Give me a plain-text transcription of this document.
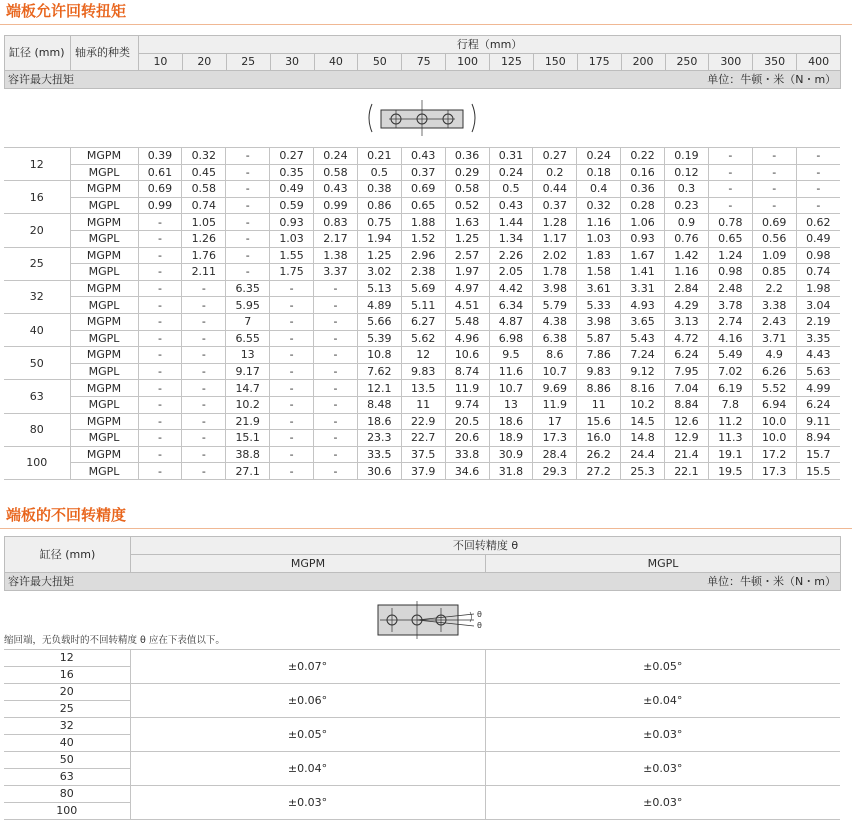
端板允许回转扭矩
缸径 (mm)	轴承的种类	行程（mm）															
		10	20	25	30	40	50	75	100	125	150	175	200	250	300	350	400
容许最大扭矩									单位：牛顿・米（N・m）								
12	MGPM	0.39	0.32	-	0.27	0.24	0.21	0.43	0.36	0.31	0.27	0.24	0.22	0.19	-	-	-
	MGPL	0.61	0.45	-	0.35	0.58	0.5	0.37	0.29	0.24	0.2	0.18	0.16	0.12	-	-	-
16	MGPM	0.69	0.58	-	0.49	0.43	0.38	0.69	0.58	0.5	0.44	0.4	0.36	0.3	-	-	-
	MGPL	0.99	0.74	-	0.59	0.99	0.86	0.65	0.52	0.43	0.37	0.32	0.28	0.23	-	-	-
20	MGPM	-	1.05	-	0.93	0.83	0.75	1.88	1.63	1.44	1.28	1.16	1.06	0.9	0.78	0.69	0.62
	MGPL	-	1.26	-	1.03	2.17	1.94	1.52	1.25	1.34	1.17	1.03	0.93	0.76	0.65	0.56	0.49
25	MGPM	-	1.76	-	1.55	1.38	1.25	2.96	2.57	2.26	2.02	1.83	1.67	1.42	1.24	1.09	0.98
	MGPL	-	2.11	-	1.75	3.37	3.02	2.38	1.97	2.05	1.78	1.58	1.41	1.16	0.98	0.85	0.74
32	MGPM	-	-	6.35	-	-	5.13	5.69	4.97	4.42	3.98	3.61	3.31	2.84	2.48	2.2	1.98
	MGPL	-	-	5.95	-	-	4.89	5.11	4.51	6.34	5.79	5.33	4.93	4.29	3.78	3.38	3.04
40	MGPM	-	-	7	-	-	5.66	6.27	5.48	4.87	4.38	3.98	3.65	3.13	2.74	2.43	2.19
	MGPL	-	-	6.55	-	-	5.39	5.62	4.96	6.98	6.38	5.87	5.43	4.72	4.16	3.71	3.35
50	MGPM	-	-	13	-	-	10.8	12	10.6	9.5	8.6	7.86	7.24	6.24	5.49	4.9	4.43
	MGPL	-	-	9.17	-	-	7.62	9.83	8.74	11.6	10.7	9.83	9.12	7.95	7.02	6.26	5.63
63	MGPM	-	-	14.7	-	-	12.1	13.5	11.9	10.7	9.69	8.86	8.16	7.04	6.19	5.52	4.99
	MGPL	-	-	10.2	-	-	8.48	11	9.74	13	11.9	11	10.2	8.84	7.8	6.94	6.24
80	MGPM	-	-	21.9	-	-	18.6	22.9	20.5	18.6	17	15.6	14.5	12.6	11.2	10.0	9.11
	MGPL	-	-	15.1	-	-	23.3	22.7	20.6	18.9	17.3	16.0	14.8	12.9	11.3	10.0	8.94
100	MGPM	-	-	38.8	-	-	33.5	37.5	33.8	30.9	28.4	26.2	24.4	21.4	19.1	17.2	15.7
	MGPL	-	-	27.1	-	-	30.6	37.9	34.6	31.8	29.3	27.2	25.3	22.1	19.5	17.3	15.5
端板的不回转精度
缸径 (mm)	不回转精度 θ	
	MGPM	MGPL
容许最大扭矩		单位：牛顿・米（N・m）
θ
θ
缩回端，无负载时的不回转精度 θ 应在下表值以下。
12	±0.07°	±0.05°
16		
20	±0.06°	±0.04°
25		
32	±0.05°	±0.03°
40		
50	±0.04°	±0.03°
63		
80	±0.03°	±0.03°
100		
